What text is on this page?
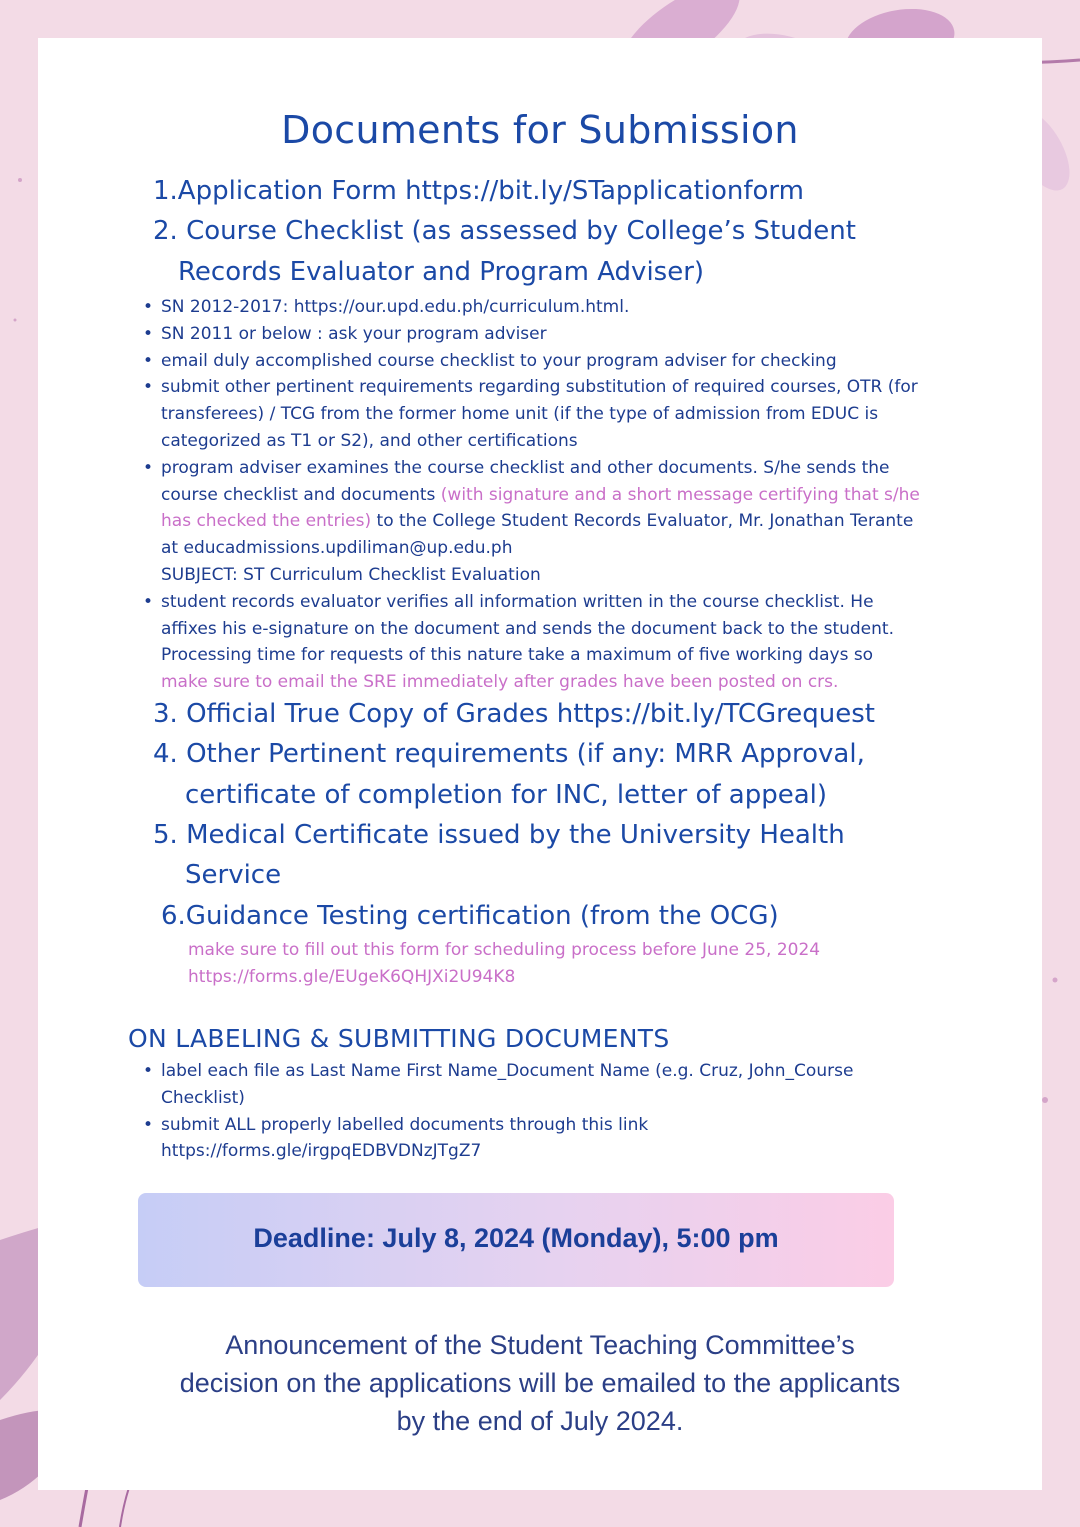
Documents for Submission
1.Application Form https://bit.ly/STapplicationform
2. Course Checklist (as assessed by College’s Student
Records Evaluator and Program Adviser)
• SN 2012-2017: https://our.upd.edu.ph/curriculum.html.
• SN 2011 or below : ask your program adviser
• email duly accomplished course checklist to your program adviser for checking
• submit other pertinent requirements regarding substitution of required courses, OTR (for
transferees) / TCG from the former home unit (if the type of admission from EDUC is
categorized as T1 or S2), and other certifications
• program adviser examines the course checklist and other documents. S/he sends the
course checklist and documents (with signature and a short message certifying that s/he
has checked the entries) to the College Student Records Evaluator, Mr. Jonathan Terante
at educadmissions.updiliman@up.edu.ph
SUBJECT: ST Curriculum Checklist Evaluation
• student records evaluator verifies all information written in the course checklist. He
affixes his e-signature on the document and sends the document back to the student.
Processing time for requests of this nature take a maximum of five working days so
make sure to email the SRE immediately after grades have been posted on crs.
3. Official True Copy of Grades https://bit.ly/TCGrequest
4. Other Pertinent requirements (if any: MRR Approval,
certificate of completion for INC, letter of appeal)
5. Medical Certificate issued by the University Health
Service
6.Guidance Testing certification (from the OCG)
make sure to fill out this form for scheduling process before June 25, 2024
https://forms.gle/EUgeK6QHJXi2U94K8
ON LABELING & SUBMITTING DOCUMENTS
• label each file as Last Name First Name_Document Name (e.g. Cruz, John_Course
Checklist)
• submit ALL properly labelled documents through this link
https://forms.gle/irgpqEDBVDNzJTgZ7
Deadline: July 8, 2024 (Monday), 5:00 pm
Announcement of the Student Teaching Committee’s
decision on the applications will be emailed to the applicants
by the end of July 2024.
